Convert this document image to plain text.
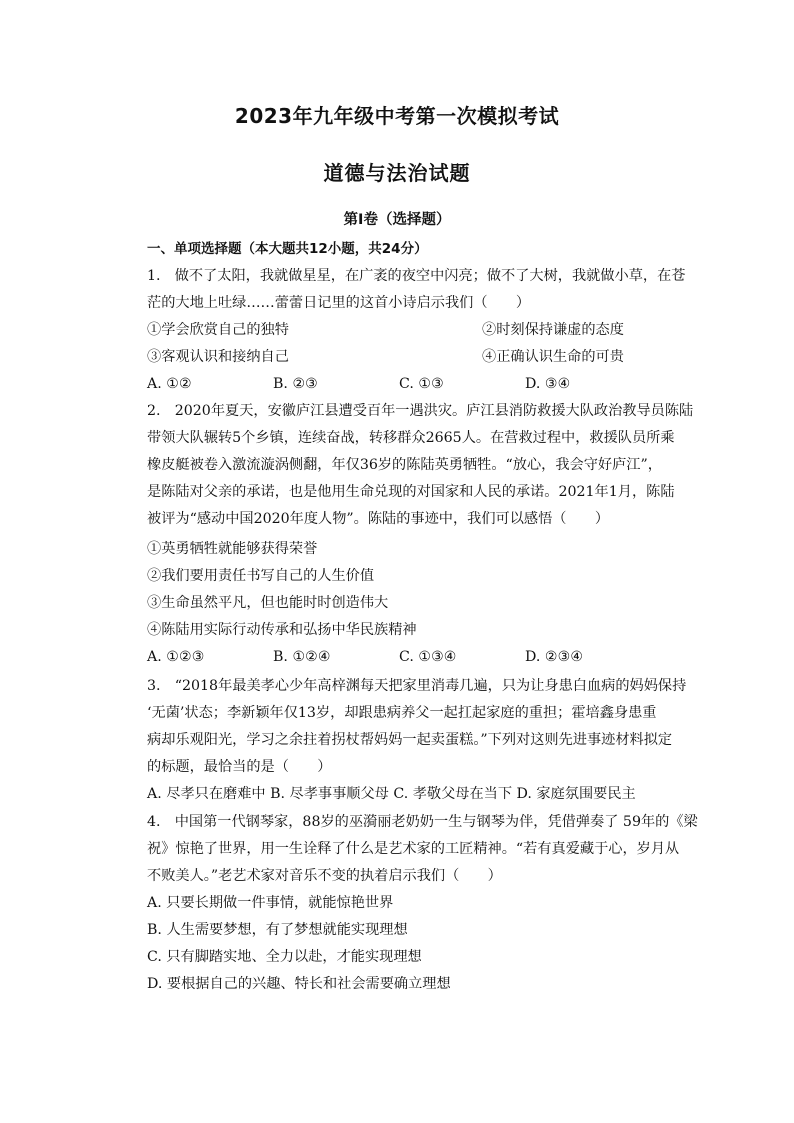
2023年九年级中考第一次模拟考试
道德与法治试题
第Ⅰ卷（选择题）
一、单项选择题（本大题共12小题，共24分）
1.　做不了太阳，我就做星星，在广袤的夜空中闪亮；做不了大树，我就做小草，在苍
茫的大地上吐绿……蕾蕾日记里的这首小诗启示我们（　　）
①学会欣赏自己的独特	②时刻保持谦虚的态度
③客观认识和接纳自己	④正确认识生命的可贵
A. ①②	B. ②③	C. ①③	D. ③④
2.　2020年夏天，安徽庐江县遭受百年一遇洪灾。庐江县消防救援大队政治教导员陈陆
带领大队辗转5个乡镇，连续奋战，转移群众2665人。在营救过程中，救援队员所乘
橡皮艇被卷入激流漩涡侧翻，年仅36岁的陈陆英勇牺牲。“放心，我会守好庐江”，
是陈陆对父亲的承诺，也是他用生命兑现的对国家和人民的承诺。2021年1月，陈陆
被评为“感动中国2020年度人物”。陈陆的事迹中，我们可以感悟（　　）
①英勇牺牲就能够获得荣誉
②我们要用责任书写自己的人生价值
③生命虽然平凡，但也能时时创造伟大
④陈陆用实际行动传承和弘扬中华民族精神
A. ①②③	B. ①②④	C. ①③④	D. ②③④
3.　“2018年最美孝心少年高梓渊每天把家里消毒几遍，只为让身患白血病的妈妈保持
‘无菌’状态；李新颖年仅13岁，却跟患病养父一起扛起家庭的重担；霍培鑫身患重
病却乐观阳光，学习之余拄着拐杖帮妈妈一起卖蛋糕。”下列对这则先进事迹材料拟定
的标题，最恰当的是（　　）
A. 尽孝只在磨难中 B. 尽孝事事顺父母 C. 孝敬父母在当下 D. 家庭氛围要民主
4.　中国第一代钢琴家，88岁的巫漪丽老奶奶一生与钢琴为伴，凭借弹奏了 59年的《梁
祝》惊艳了世界，用一生诠释了什么是艺术家的工匠精神。“若有真爱藏于心，岁月从
不败美人。”老艺术家对音乐不变的执着启示我们（　　）
A. 只要长期做一件事情，就能惊艳世界
B. 人生需要梦想，有了梦想就能实现理想
C. 只有脚踏实地、全力以赴，才能实现理想
D. 要根据自己的兴趣、特长和社会需要确立理想
